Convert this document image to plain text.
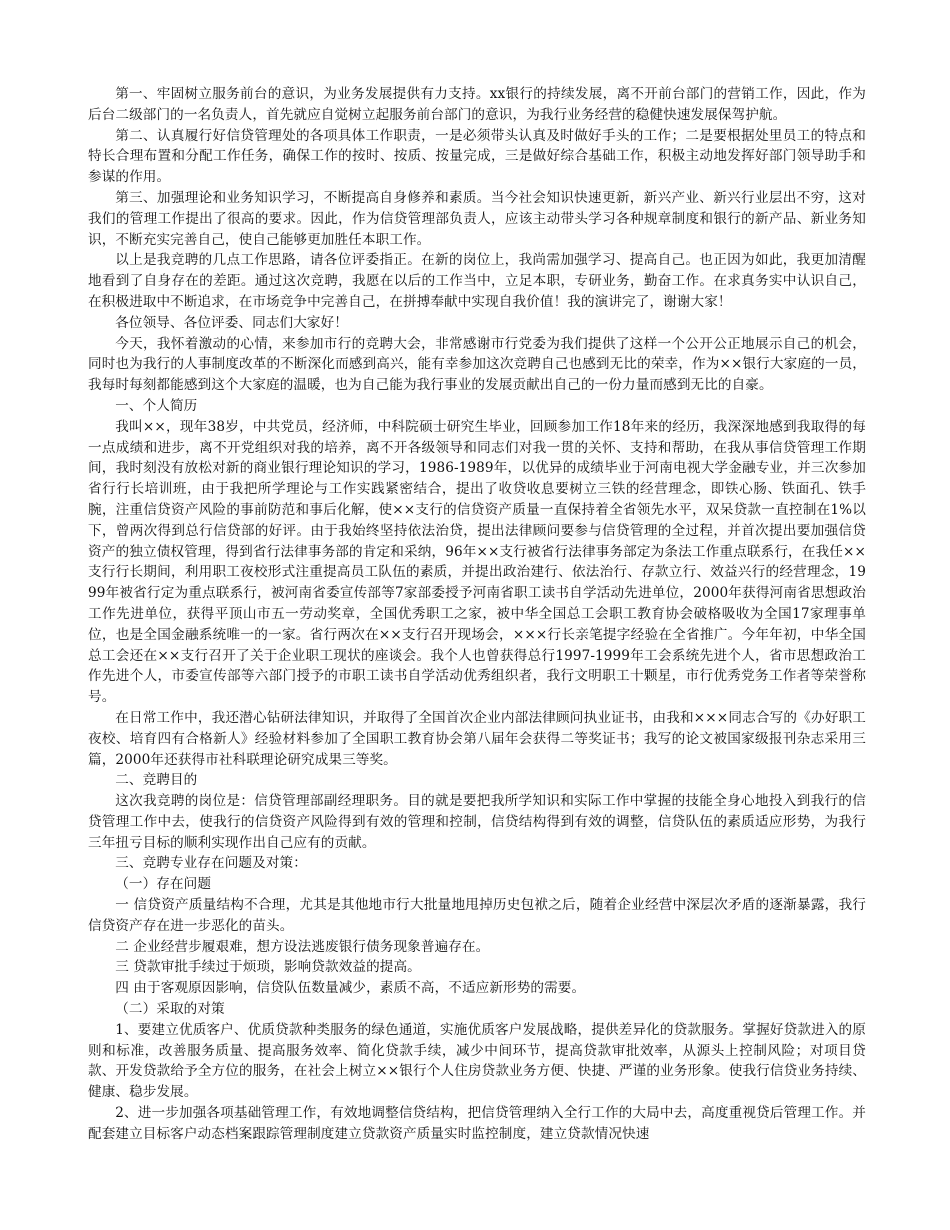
第一、牢固树立服务前台的意识，为业务发展提供有力支持。xx银行的持续发展，离不开前台部门的营销工作，因此，作为后台二级部门的一名负责人，首先就应自觉树立起服务前台部门的意识，为我行业务经营的稳健快速发展保驾护航。

第二、认真履行好信贷管理处的各项具体工作职责，一是必须带头认真及时做好手头的工作；二是要根据处里员工的特点和特长合理布置和分配工作任务，确保工作的按时、按质、按量完成，三是做好综合基础工作，积极主动地发挥好部门领导助手和参谋的作用。

第三、加强理论和业务知识学习，不断提高自身修养和素质。当今社会知识快速更新，新兴产业、新兴行业层出不穷，这对我们的管理工作提出了很高的要求。因此，作为信贷管理部负责人，应该主动带头学习各种规章制度和银行的新产品、新业务知识，不断充实完善自己，使自己能够更加胜任本职工作。

以上是我竞聘的几点工作思路，请各位评委指正。在新的岗位上，我尚需加强学习、提高自己。也正因为如此，我更加清醒地看到了自身存在的差距。通过这次竞聘，我愿在以后的工作当中，立足本职，专研业务，勤奋工作。在求真务实中认识自己，在积极进取中不断追求，在市场竞争中完善自己，在拼搏奉献中实现自我价值！我的演讲完了，谢谢大家！

各位领导、各位评委、同志们大家好！

今天，我怀着激动的心情，来参加市行的竞聘大会，非常感谢市行党委为我们提供了这样一个公开公正地展示自己的机会，同时也为我行的人事制度改革的不断深化而感到高兴，能有幸参加这次竞聘自己也感到无比的荣幸，作为××银行大家庭的一员，我每时每刻都能感到这个大家庭的温暖，也为自己能为我行事业的发展贡献出自己的一份力量而感到无比的自豪。

一、个人简历

我叫××，现年38岁，中共党员，经济师，中科院硕士研究生毕业，回顾参加工作18年来的经历，我深深地感到我取得的每一点成绩和进步，离不开党组织对我的培养，离不开各级领导和同志们对我一贯的关怀、支持和帮助，在我从事信贷管理工作期间，我时刻没有放松对新的商业银行理论知识的学习，1986-1989年，以优异的成绩毕业于河南电视大学金融专业，并三次参加省行行长培训班，由于我把所学理论与工作实践紧密结合，提出了收贷收息要树立三铁的经营理念，即铁心肠、铁面孔、铁手腕，注重信贷资产风险的事前防范和事后化解，使××支行的信贷资产质量一直保持着全省领先水平，双呆贷款一直控制在1%以下，曾两次得到总行信贷部的好评。由于我始终坚持依法治贷，提出法律顾问要参与信贷管理的全过程，并首次提出要加强信贷资产的独立债权管理，得到省行法律事务部的肯定和采纳，96年××支行被省行法律事务部定为条法工作重点联系行，在我任××支行行长期间，利用职工夜校形式注重提高员工队伍的素质，并提出政治建行、依法治行、存款立行、效益兴行的经营理念，1999年被省行定为重点联系行，被河南省委宣传部等7家部委授予河南省职工读书自学活动先进单位，2000年获得河南省思想政治工作先进单位，获得平顶山市五一劳动奖章，全国优秀职工之家，被中华全国总工会职工教育协会破格吸收为全国17家理事单位，也是全国金融系统唯一的一家。省行两次在××支行召开现场会，×××行长亲笔提字经验在全省推广。今年年初，中华全国总工会还在××支行召开了关于企业职工现状的座谈会。我个人也曾获得总行1997-1999年工会系统先进个人，省市思想政治工作先进个人，市委宣传部等六部门授予的市职工读书自学活动优秀组织者，我行文明职工十颗星，市行优秀党务工作者等荣誉称号。

在日常工作中，我还潜心钻研法律知识，并取得了全国首次企业内部法律顾问执业证书，由我和×××同志合写的《办好职工夜校、培育四有合格新人》经验材料参加了全国职工教育协会第八届年会获得二等奖证书；我写的论文被国家级报刊杂志采用三篇，2000年还获得市社科联理论研究成果三等奖。

二、竞聘目的

这次我竞聘的岗位是：信贷管理部副经理职务。目的就是要把我所学知识和实际工作中掌握的技能全身心地投入到我行的信贷管理工作中去，使我行的信贷资产风险得到有效的管理和控制，信贷结构得到有效的调整，信贷队伍的素质适应形势，为我行三年扭亏目标的顺利实现作出自己应有的贡献。

三、竞聘专业存在问题及对策：

（一）存在问题

一 信贷资产质量结构不合理，尤其是其他地市行大批量地甩掉历史包袱之后，随着企业经营中深层次矛盾的逐渐暴露，我行信贷资产存在进一步恶化的苗头。

二 企业经营步履艰难，想方设法逃废银行债务现象普遍存在。

三 贷款审批手续过于烦琐，影响贷款效益的提高。

四 由于客观原因影响，信贷队伍数量减少，素质不高，不适应新形势的需要。

（二）采取的对策

1、要建立优质客户、优质贷款种类服务的绿色通道，实施优质客户发展战略，提供差异化的贷款服务。掌握好贷款进入的原则和标准，改善服务质量、提高服务效率、简化贷款手续，减少中间环节，提高贷款审批效率，从源头上控制风险；对项目贷款、开发贷款给予全方位的服务，在社会上树立××银行个人住房贷款业务方便、快捷、严谨的业务形象。使我行信贷业务持续、健康、稳步发展。

2、进一步加强各项基础管理工作，有效地调整信贷结构，把信贷管理纳入全行工作的大局中去，高度重视贷后管理工作。并配套建立目标客户动态档案跟踪管理制度建立贷款资产质量实时监控制度，建立贷款情况快速
